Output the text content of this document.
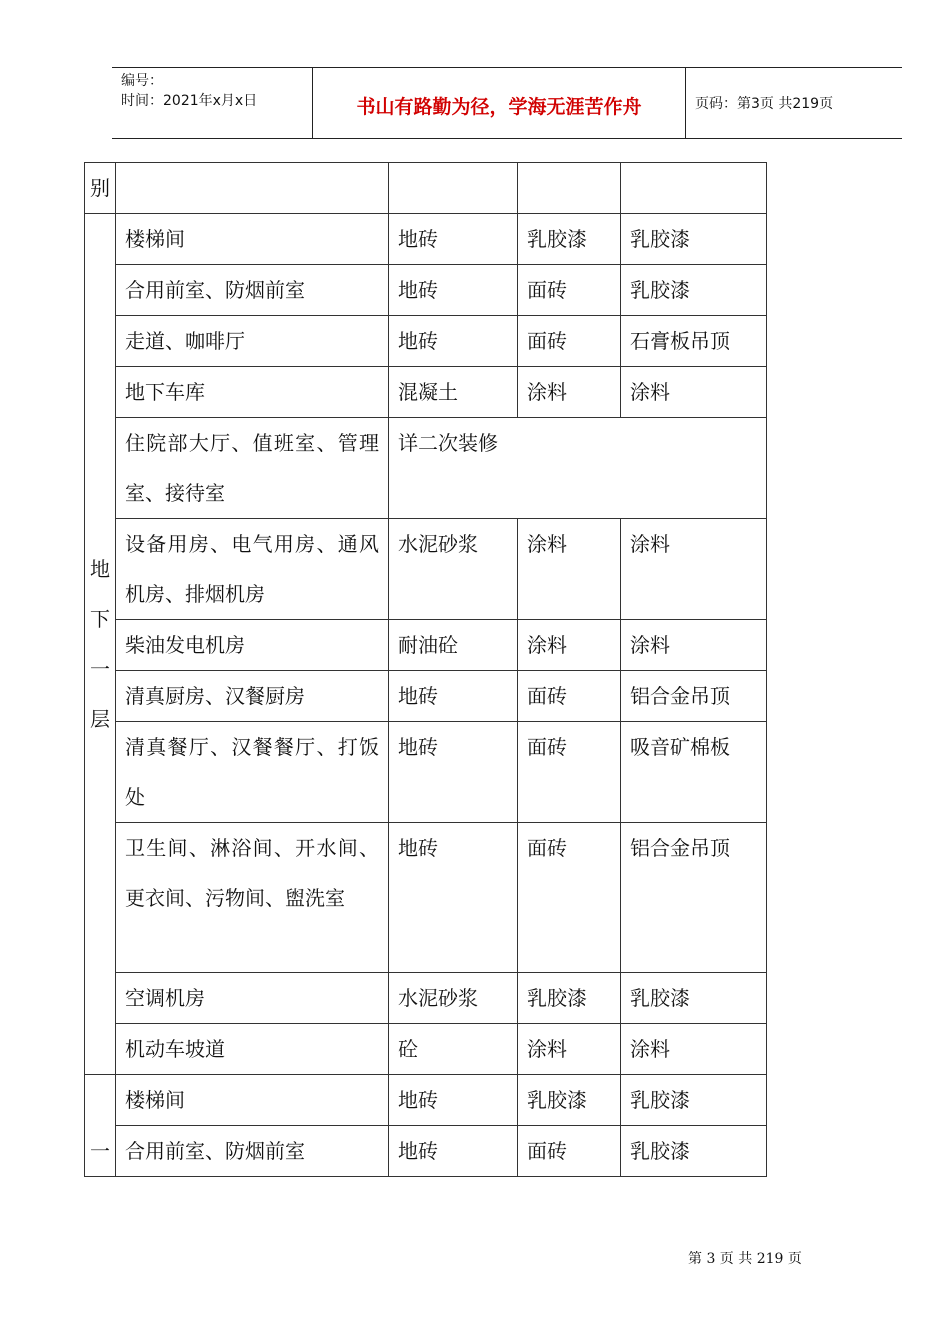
编号：
时间：2021年x月x日	书山有路勤为径，学海无涯苦作舟	页码：第3页 共219页
别				

地
下
一
层	楼梯间	地砖	乳胶漆	乳胶漆
	合用前室、防烟前室	地砖	面砖	乳胶漆
	走道、咖啡厅	地砖	面砖	石膏板吊顶
	地下车库	混凝土	涂料	涂料
	住院部大厅、值班室、管理室、接待室	详二次装修		
	设备用房、电气用房、通风机房、排烟机房	水泥砂浆	涂料	涂料
	柴油发电机房	耐油砼	涂料	涂料
	清真厨房、汉餐厨房	地砖	面砖	铝合金吊顶
	清真餐厅、汉餐餐厅、打饭处	地砖	面砖	吸音矿棉板
	卫生间、淋浴间、开水间、更衣间、污物间、盥洗室	地砖	面砖	铝合金吊顶
	空调机房	水泥砂浆	乳胶漆	乳胶漆
	机动车坡道	砼	涂料	涂料

一	楼梯间	地砖	乳胶漆	乳胶漆
	合用前室、防烟前室	地砖	面砖	乳胶漆
第 3 页 共 219 页
